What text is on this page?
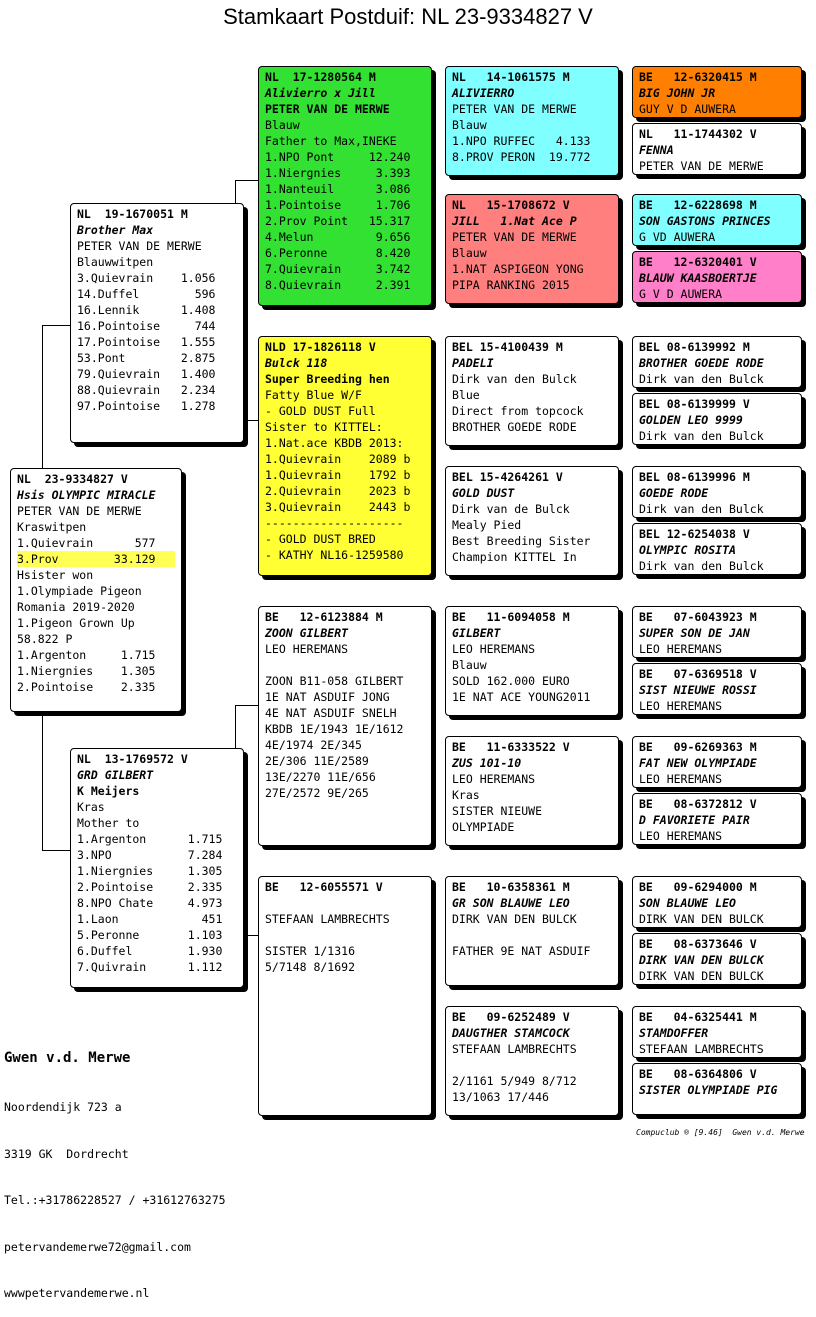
Stamkaart Postduif: NL 23-9334827 V
NL  23-9334827 V
Hsis OLYMPIC MIRACLE
PETER VAN DE MERWE
Kraswitpen
1.Quievrain      577
3.Prov        33.129
Hsister won
1.Olympiade Pigeon
Romania 2019-2020
1.Pigeon Grown Up
58.822 P
1.Argenton     1.715
1.Niergnies    1.305
2.Pointoise    2.335
NL  19-1670051 M
Brother Max
PETER VAN DE MERWE
Blauwwitpen
3.Quievrain    1.056
14.Duffel        596
16.Lennik      1.408
16.Pointoise     744
17.Pointoise   1.555
53.Pont        2.875
79.Quievrain   1.400
88.Quievrain   2.234
97.Pointoise   1.278
NL  13-1769572 V
GRD GILBERT
K Meijers
Kras
Mother to
1.Argenton      1.715
3.NPO           7.284
1.Niergnies     1.305
2.Pointoise     2.335
8.NPO Chate     4.973
1.Laon            451
5.Peronne       1.103
6.Duffel        1.930
7.Quivrain      1.112
NL  17-1280564 M
Alivierro x Jill
PETER VAN DE MERWE
Blauw
Father to Max,INEKE
1.NPO Pont     12.240
1.Niergnies     3.393
1.Nanteuil      3.086
1.Pointoise     1.706
2.Prov Point   15.317
4.Melun         9.656
6.Peronne       8.420
7.Quievrain     3.742
8.Quievrain     2.391
NLD 17-1826118 V
Bulck 118
Super Breeding hen
Fatty Blue W/F
- GOLD DUST Full
Sister to KITTEL:
1.Nat.ace KBDB 2013:
1.Quievrain    2089 b
1.Quievrain    1792 b
2.Quievrain    2023 b
3.Quievrain    2443 b
--------------------
- GOLD DUST BRED
- KATHY NL16-1259580
BE   12-6123884 M
ZOON GILBERT
LEO HEREMANS
ZOON B11-058 GILBERT
1E NAT ASDUIF JONG
4E NAT ASDUIF SNELH
KBDB 1E/1943 1E/1612
4E/1974 2E/345
2E/306 11E/2589
13E/2270 11E/656
27E/2572 9E/265
BE   12-6055571 V
STEFAAN LAMBRECHTS
SISTER 1/1316
5/7148 8/1692
NL   14-1061575 M
ALIVIERRO
PETER VAN DE MERWE
Blauw
1.NPO RUFFEC   4.133
8.PROV PERON  19.772
NL   15-1708672 V
JILL   1.Nat Ace P
PETER VAN DE MERWE
Blauw
1.NAT ASPIGEON YONG
PIPA RANKING 2015
BEL 15-4100439 M
PADELI
Dirk van den Bulck
Blue
Direct from topcock
BROTHER GOEDE RODE
BEL 15-4264261 V
GOLD DUST
Dirk van de Bulck
Mealy Pied
Best Breeding Sister
Champion KITTEL In
BE   11-6094058 M
GILBERT
LEO HEREMANS
Blauw
SOLD 162.000 EURO
1E NAT ACE YOUNG2011
BE   11-6333522 V
ZUS 101-10
LEO HEREMANS
Kras
SISTER NIEUWE
OLYMPIADE
BE   10-6358361 M
GR SON BLAUWE LEO
DIRK VAN DEN BULCK
FATHER 9E NAT ASDUIF
BE   09-6252489 V
DAUGTHER STAMCOCK
STEFAAN LAMBRECHTS
2/1161 5/949 8/712
13/1063 17/446
BE   12-6320415 M
BIG JOHN JR
GUY V D AUWERA
NL   11-1744302 V
FENNA
PETER VAN DE MERWE
BE   12-6228698 M
SON GASTONS PRINCES
G VD AUWERA
BE   12-6320401 V
BLAUW KAASBOERTJE
G V D AUWERA
BEL 08-6139992 M
BROTHER GOEDE RODE
Dirk van den Bulck
BEL 08-6139999 V
GOLDEN LEO 9999
Dirk van den Bulck
BEL 08-6139996 M
GOEDE RODE
Dirk van den Bulck
BEL 12-6254038 V
OLYMPIC ROSITA
Dirk van den Bulck
BE   07-6043923 M
SUPER SON DE JAN
LEO HEREMANS
BE   07-6369518 V
SIST NIEUWE ROSSI
LEO HEREMANS
BE   09-6269363 M
FAT NEW OLYMPIADE
LEO HEREMANS
BE   08-6372812 V
D FAVORIETE PAIR
LEO HEREMANS
BE   09-6294000 M
SON BLAUWE LEO
DIRK VAN DEN BULCK
BE   08-6373646 V
DIRK VAN DEN BULCK
DIRK VAN DEN BULCK
BE   04-6325441 M
STAMDOFFER
STEFAAN LAMBRECHTS
BE   08-6364806 V
SISTER OLYMPIADE PIG

Gwen v.d. Merwe

Noordendijk 723 a

3319 GK  Dordrecht

Tel.:+31786228527 / +31612763275

petervandemerwe72@gmail.com

wwwpetervandemerwe.nl

Compuclub ® [9.46]  Gwen v.d. Merwe
